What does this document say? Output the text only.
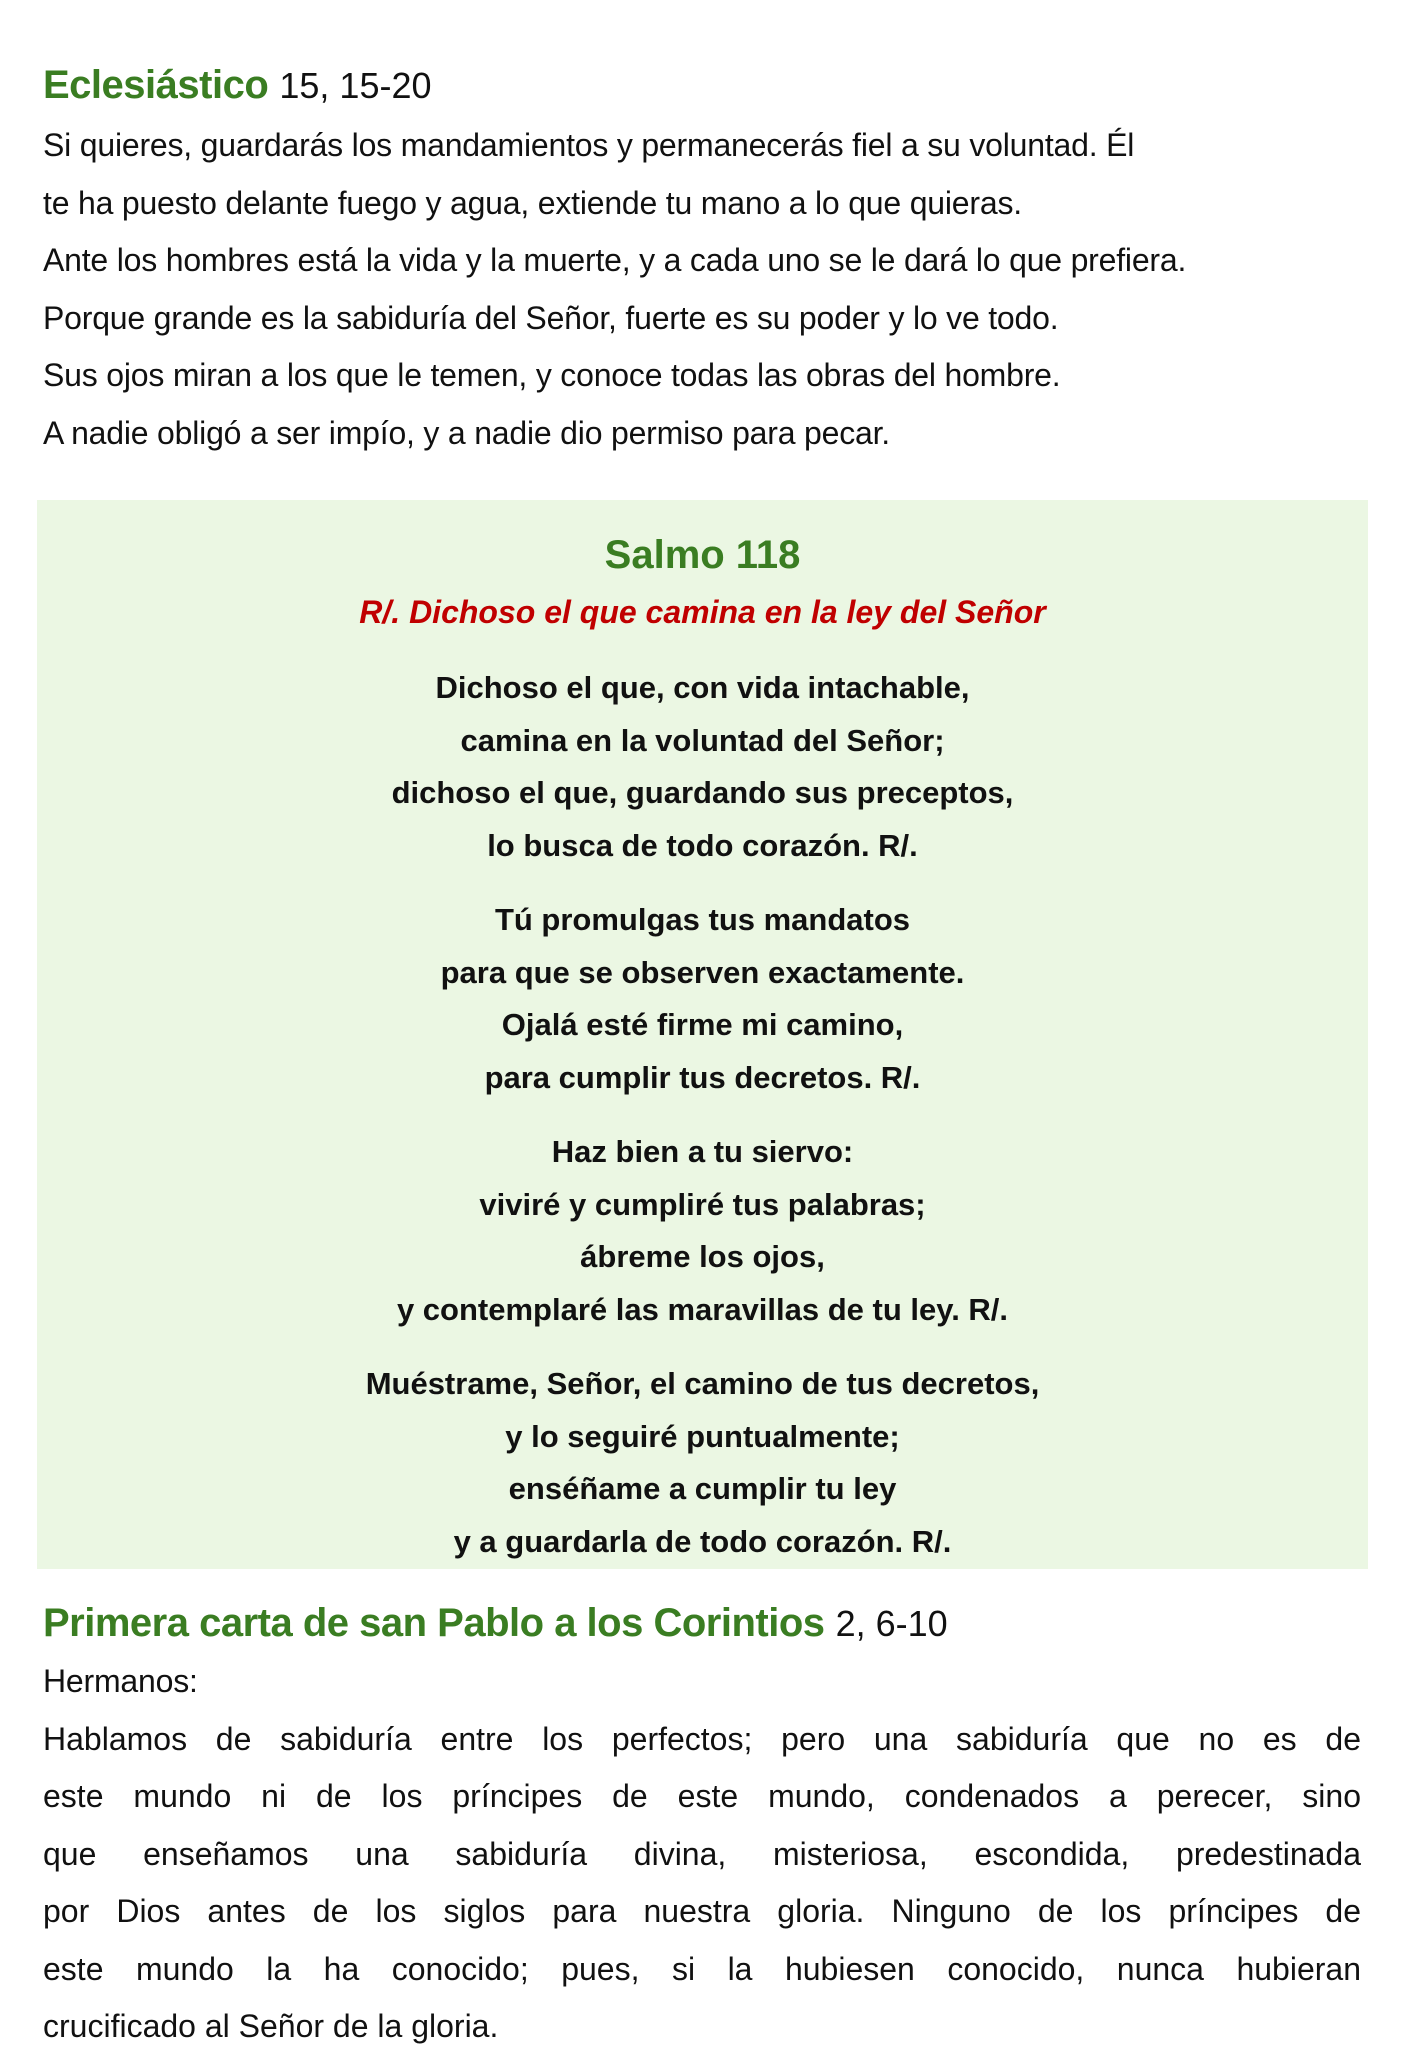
Eclesiástico 15, 15-20
Si quieres, guardarás los mandamientos y permanecerás fiel a su voluntad. Él
te ha puesto delante fuego y agua, extiende tu mano a lo que quieras.
Ante los hombres está la vida y la muerte, y a cada uno se le dará lo que prefiera.
Porque grande es la sabiduría del Señor, fuerte es su poder y lo ve todo.
Sus ojos miran a los que le temen, y conoce todas las obras del hombre.
A nadie obligó a ser impío, y a nadie dio permiso para pecar.
Salmo 118
R/. Dichoso el que camina en la ley del Señor
Dichoso el que, con vida intachable,
camina en la voluntad del Señor;
dichoso el que, guardando sus preceptos,
lo busca de todo corazón. R/.
Tú promulgas tus mandatos
para que se observen exactamente.
Ojalá esté firme mi camino,
para cumplir tus decretos. R/.
Haz bien a tu siervo:
viviré y cumpliré tus palabras;
ábreme los ojos,
y contemplaré las maravillas de tu ley. R/.
Muéstrame, Señor, el camino de tus decretos,
y lo seguiré puntualmente;
enséñame a cumplir tu ley
y a guardarla de todo corazón. R/.
Primera carta de san Pablo a los Corintios 2, 6-10
Hermanos:
Hablamos de sabiduría entre los perfectos; pero una sabiduría que no es de
este mundo ni de los príncipes de este mundo, condenados a perecer, sino
que enseñamos una sabiduría divina, misteriosa, escondida, predestinada
por Dios antes de los siglos para nuestra gloria. Ninguno de los príncipes de
este mundo la ha conocido; pues, si la hubiesen conocido, nunca hubieran
crucificado al Señor de la gloria.
